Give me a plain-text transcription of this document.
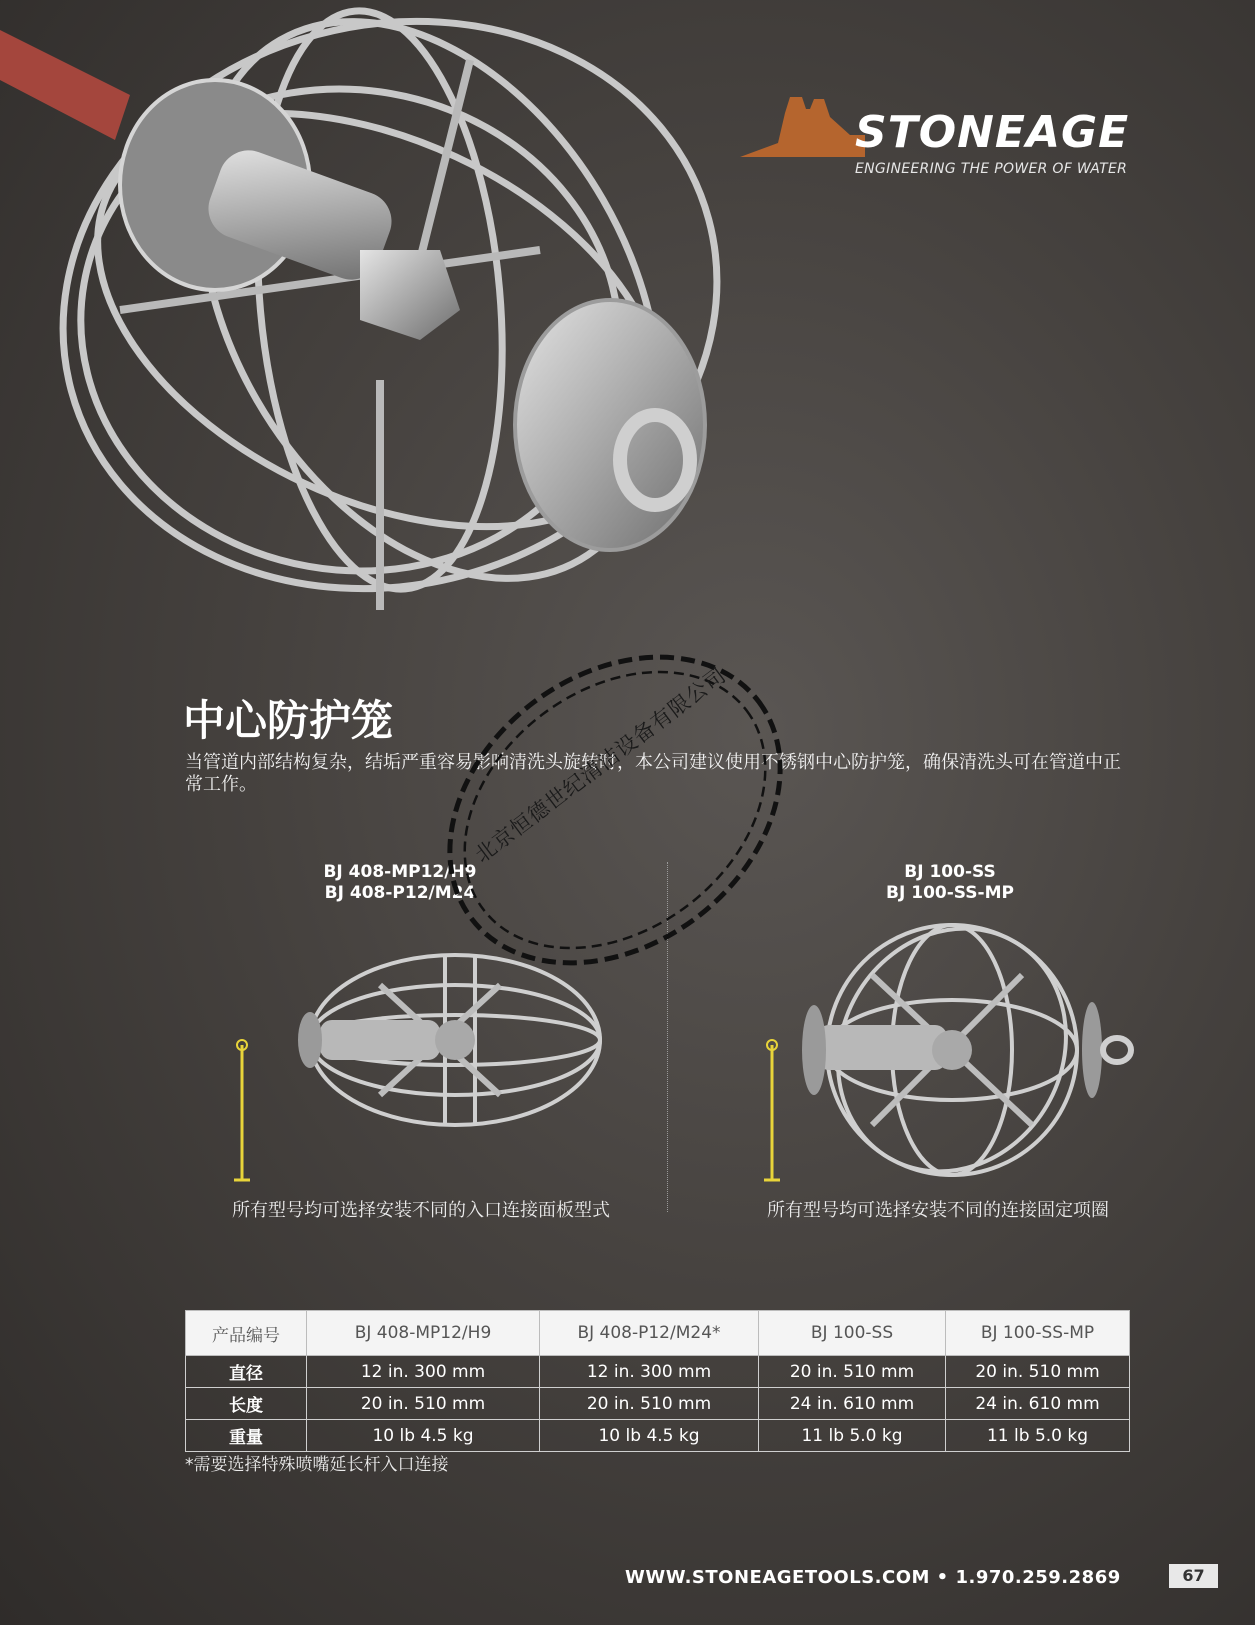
STONEAGE
ENGINEERING THE POWER OF WATER
中心防护笼

当管道内部结构复杂，结垢严重容易影响清洗头旋转时，本公司建议使用不锈钢中心防护笼，确保清洗头可在管道中正常工作。

BJ 408-MP12/H9
BJ 408-P12/M24
所有型号均可选择安装不同的入口连接面板型式
BJ 100-SS
BJ 100-SS-MP
所有型号均可选择安装不同的连接固定项圈
产品编号	BJ 408-MP12/H9	BJ 408-P12/M24*	BJ 100-SS	BJ 100-SS-MP
直径	12 in. 300 mm	12 in. 300 mm	20 in. 510 mm	20 in. 510 mm
长度	20 in. 510 mm	20 in. 510 mm	24 in. 610 mm	24 in. 610 mm
重量	10 lb 4.5 kg	10 lb 4.5 kg	11 lb 5.0 kg	11 lb 5.0 kg
*需要选择特殊喷嘴延长杆入口连接
北京恒德世纪清洁设备有限公司
WWW.STONEAGETOOLS.COM • 1.970.259.2869	67
